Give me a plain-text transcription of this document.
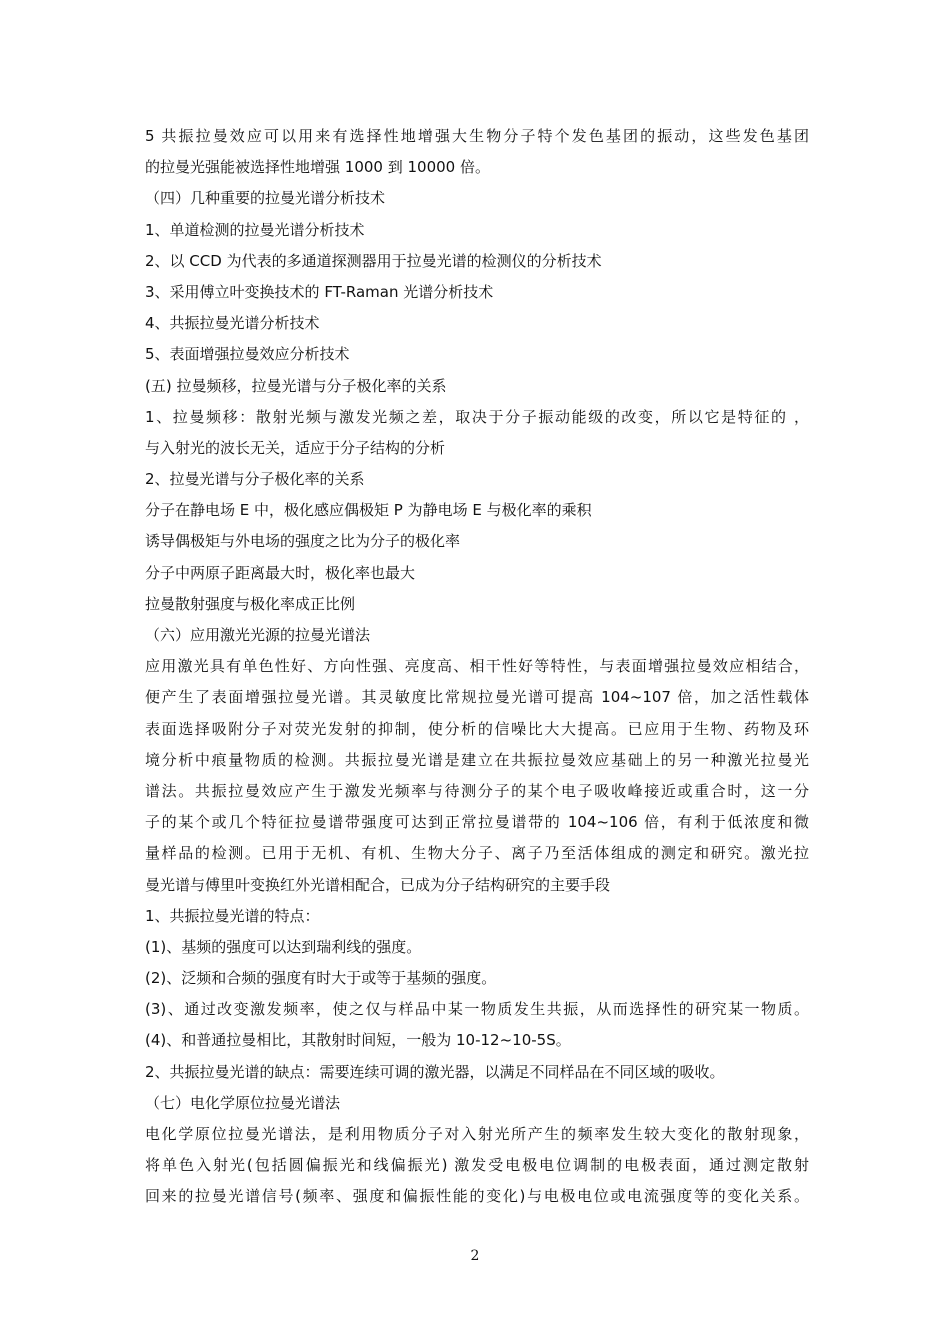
5 共振拉曼效应可以用来有选择性地增强大生物分子特个发色基团的振动，这些发色基团
的拉曼光强能被选择性地增强 1000 到 10000 倍。
（四）几种重要的拉曼光谱分析技术
1、单道检测的拉曼光谱分析技术
2、以 CCD 为代表的多通道探测器用于拉曼光谱的检测仪的分析技术
3、采用傅立叶变换技术的 FT-Raman 光谱分析技术
4、共振拉曼光谱分析技术
5、表面增强拉曼效应分析技术
(五) 拉曼频移，拉曼光谱与分子极化率的关系
1、拉曼频移：散射光频与激发光频之差，取决于分子振动能级的改变，所以它是特征的 ，
与入射光的波长无关，适应于分子结构的分析
2、拉曼光谱与分子极化率的关系
分子在静电场 E 中，极化感应偶极矩 P 为静电场 E 与极化率的乘积
诱导偶极矩与外电场的强度之比为分子的极化率
分子中两原子距离最大时，极化率也最大
拉曼散射强度与极化率成正比例
（六）应用激光光源的拉曼光谱法
应用激光具有单色性好、方向性强、亮度高、相干性好等特性，与表面增强拉曼效应相结合，
便产生了表面增强拉曼光谱。其灵敏度比常规拉曼光谱可提高 104~107 倍，加之活性载体
表面选择吸附分子对荧光发射的抑制，使分析的信噪比大大提高。已应用于生物、药物及环
境分析中痕量物质的检测。共振拉曼光谱是建立在共振拉曼效应基础上的另一种激光拉曼光
谱法。共振拉曼效应产生于激发光频率与待测分子的某个电子吸收峰接近或重合时，这一分
子的某个或几个特征拉曼谱带强度可达到正常拉曼谱带的 104~106 倍，有利于低浓度和微
量样品的检测。已用于无机、有机、生物大分子、离子乃至活体组成的测定和研究。激光拉
曼光谱与傅里叶变换红外光谱相配合，已成为分子结构研究的主要手段
1、共振拉曼光谱的特点：
(1)、基频的强度可以达到瑞利线的强度。
(2)、泛频和合频的强度有时大于或等于基频的强度。
(3)、通过改变激发频率，使之仅与样品中某一物质发生共振，从而选择性的研究某一物质。
(4)、和普通拉曼相比，其散射时间短，一般为 10-12~10-5S。
2、共振拉曼光谱的缺点：需要连续可调的激光器，以满足不同样品在不同区域的吸收。
（七）电化学原位拉曼光谱法
电化学原位拉曼光谱法，是利用物质分子对入射光所产生的频率发生较大变化的散射现象，
将单色入射光(包括圆偏振光和线偏振光) 激发受电极电位调制的电极表面，通过测定散射
回来的拉曼光谱信号(频率、强度和偏振性能的变化)与电极电位或电流强度等的变化关系。
2
